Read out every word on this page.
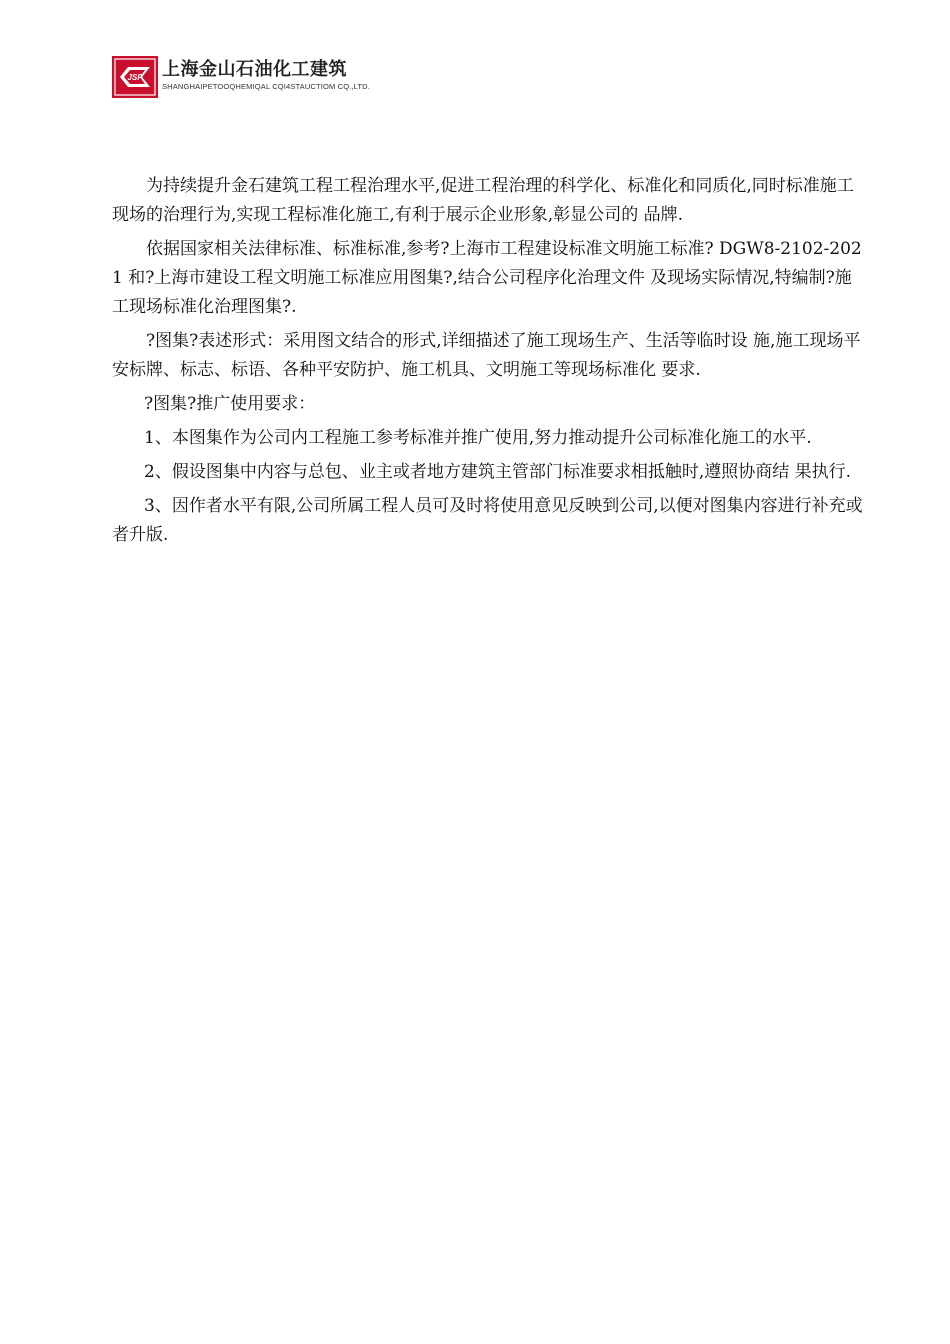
JSP 上海金山石油化工建筑
SHANGHAIPETOOQHEMIQAL CQI4STAUCTIOM CQ.,LTD.

为持续提升金石建筑工程工程治理水平,促进工程治理的科学化、标准化和同质化,同时标准施工现场的治理行为,实现工程标准化施工,有利于展示企业形象,彰显公司的 品牌.

依据国家相关法律标准、标准标准,参考?上海市工程建设标准文明施工标准? DGW8-2102-2021 和?上海市建设工程文明施工标准应用图集?,结合公司程序化治理文件 及现场实际情况,特编制?施工现场标准化治理图集?.

?图集?表述形式：采用图文结合的形式,详细描述了施工现场生产、生活等临时设 施,施工现场平安标牌、标志、标语、各种平安防护、施工机具、文明施工等现场标准化 要求.

?图集?推广使用要求：

1、本图集作为公司内工程施工参考标准并推广使用,努力推动提升公司标准化施工的水平.

2、假设图集中内容与总包、业主或者地方建筑主管部门标准要求相抵触时,遵照协商结 果执行.

3、因作者水平有限,公司所属工程人员可及时将使用意见反映到公司,以便对图集内容进行补充或者升版.
